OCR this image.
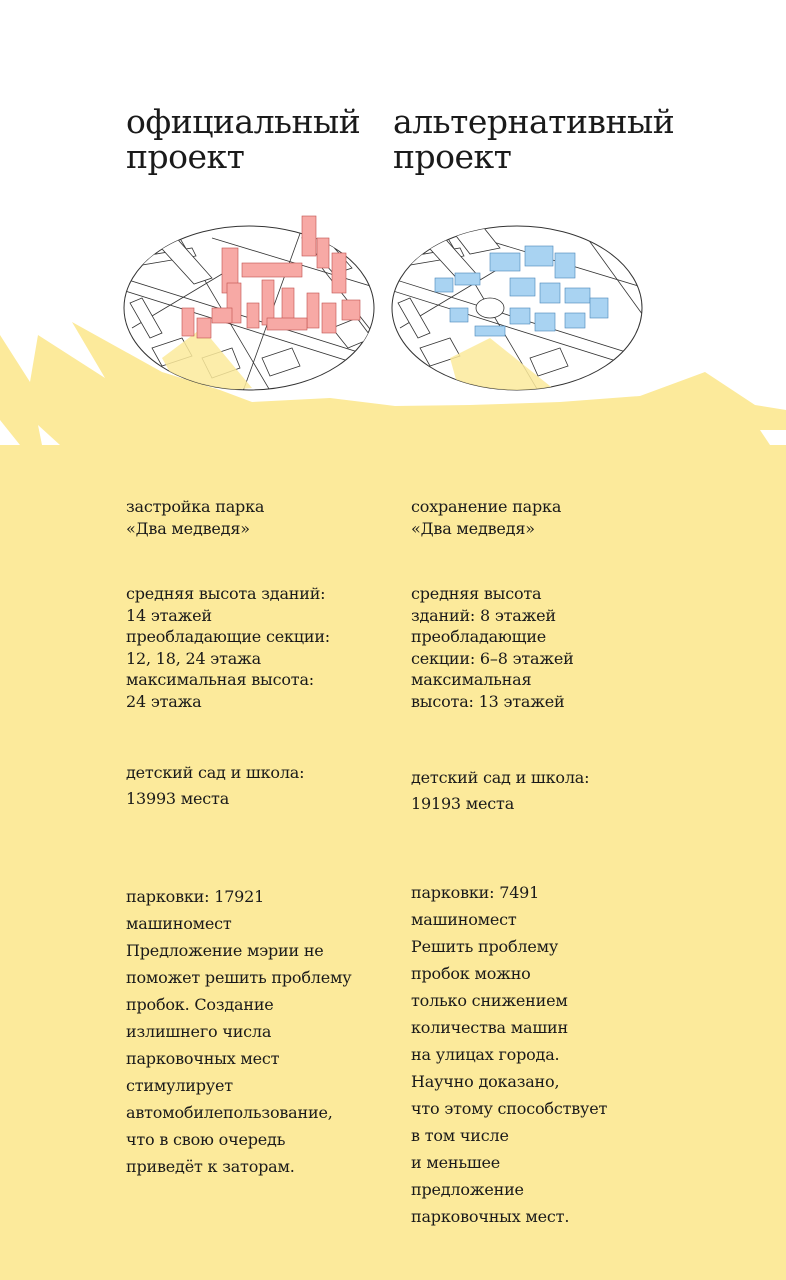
официальный
проект
альтернативный
проект

застройка парка
«Два медведя»

средняя высота зданий:
14 этажей
преобладающие секции:
12, 18, 24 этажа
максимальная высота:
24 этажа

детский сад и школа:

13993 места

парковки: 17921
машиномест
Предложение мэрии не
поможет решить проблему
пробок. Создание
излишнего числа
парковочных мест
стимулирует
автомобилепользование,
что в свою очередь
приведёт к заторам.

сохранение парка
«Два медведя»

средняя высота
зданий: 8 этажей
преобладающие
секции: 6–8 этажей
максимальная
высота: 13 этажей

детский сад и школа:

19193 места

парковки: 7491
машиномест
Решить проблему
пробок можно
только снижением
количества машин
на улицах города.
Научно доказано,
что этому способствует
в том числе
и меньшее
предложение
парковочных мест.
